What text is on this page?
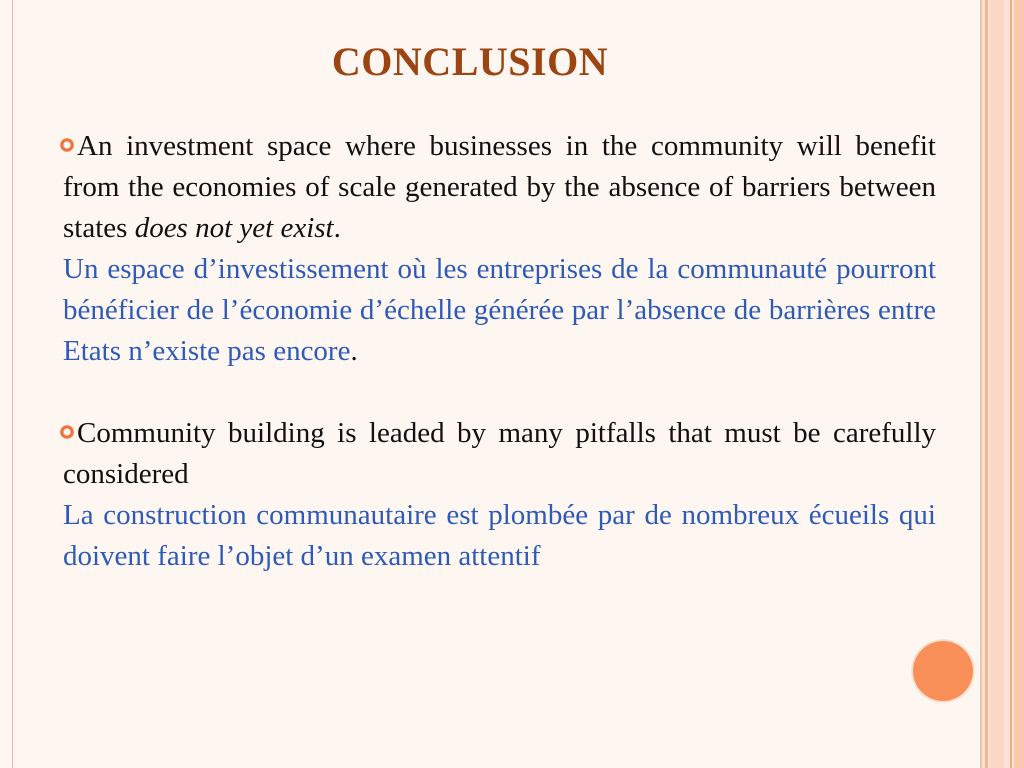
CONCLUSION

An investment space where businesses in the community will benefit from the economies of scale generated by the absence of barriers between states does not yet exist.

Un espace d’investissement où les entreprises de la communauté pourront bénéficier de l’économie d’échelle générée par l’absence de barrières entre Etats n’existe pas encore.

Community building is leaded by many pitfalls that must be carefully considered

La construction communautaire est plombée par de nombreux écueils qui doivent faire l’objet d’un examen attentif
